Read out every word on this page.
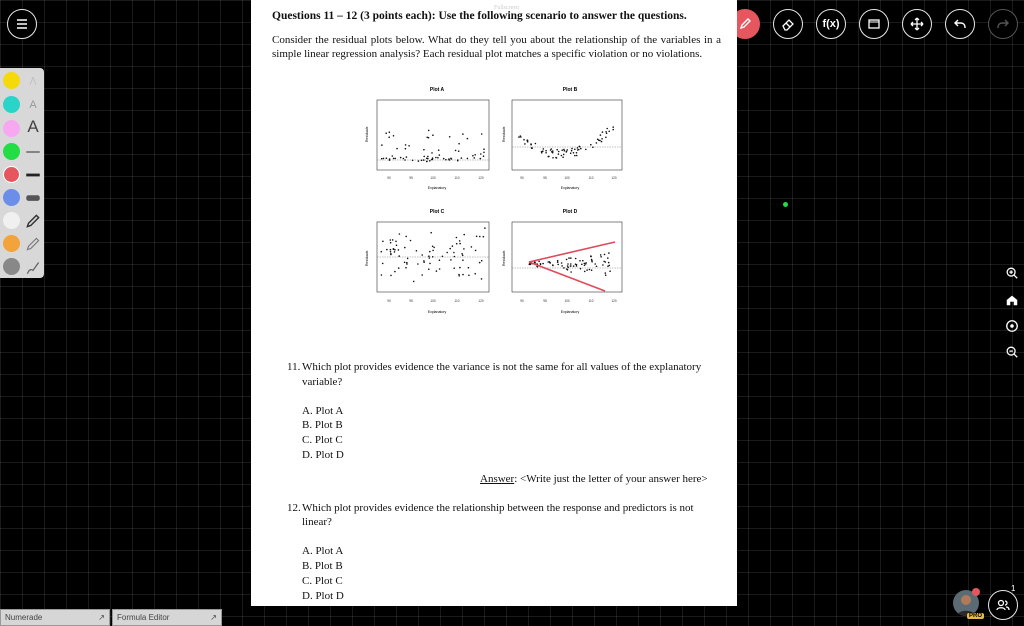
f(x)
A
A
Fullscreen
Questions 11 – 12 (3 points each): Use the following scenario to answer the questions.
Consider the residual plots below. What do they tell you about the relationship of the variables in a simple linear regression analysis? Each residual plot matches a specific violation or no violations.
Plot A
Residuals
Explanatory
90	95	100	110	120
Plot B
Residuals
Explanatory
90	95	100	110	120
Plot C
Residuals
Explanatory
90	95	100	110	120
Plot D
Residuals
Explanatory
90	95	100	110	120
11. Which plot provides evidence the variance is not the same for all values of the explanatory
variable?
A. Plot A
B. Plot B
C. Plot C
D. Plot D
Answer: <Write just the letter of your answer here>
12. Which plot provides evidence the relationship between the response and predictors is not
linear?
A. Plot A
B. Plot B
C. Plot C
D. Plot D
Numerade	↗ Formula Editor	↗	PRO
1
